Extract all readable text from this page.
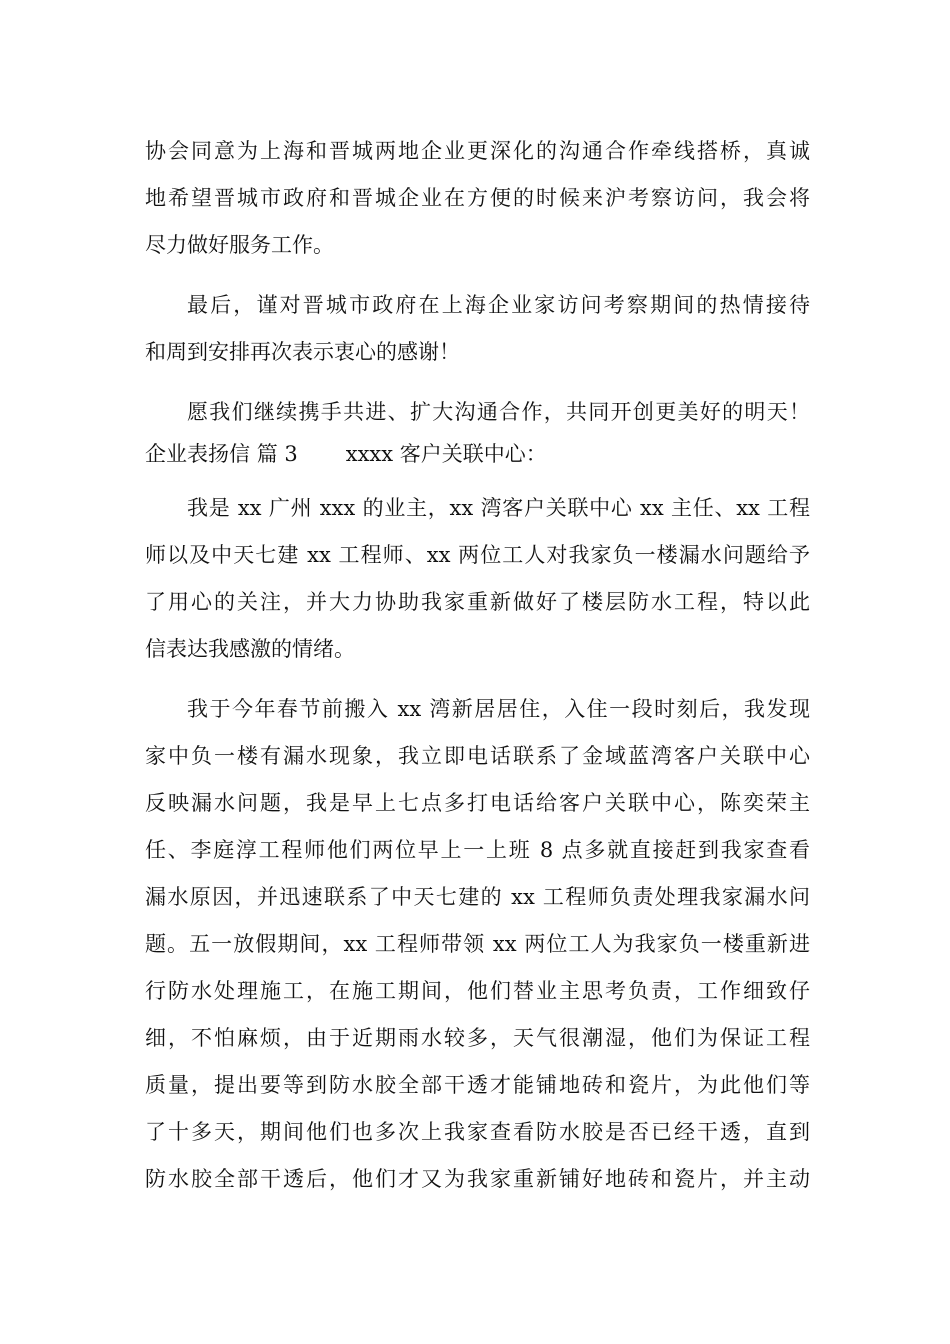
协会同意为上海和晋城两地企业更深化的沟通合作牵线搭桥，真诚
地希望晋城市政府和晋城企业在方便的时候来沪考察访问，我会将
尽力做好服务工作。
最后，谨对晋城市政府在上海企业家访问考察期间的热情接待
和周到安排再次表示衷心的感谢！
愿我们继续携手共进、扩大沟通合作，共同开创更美好的明天！
企业表扬信 篇 3 xxxx 客户关联中心：
我是 xx 广州 xxx 的业主，xx 湾客户关联中心 xx 主任、xx 工程
师以及中天七建 xx 工程师、xx 两位工人对我家负一楼漏水问题给予
了用心的关注，并大力协助我家重新做好了楼层防水工程，特以此
信表达我感激的情绪。
我于今年春节前搬入 xx 湾新居居住，入住一段时刻后，我发现
家中负一楼有漏水现象，我立即电话联系了金域蓝湾客户关联中心
反映漏水问题，我是早上七点多打电话给客户关联中心，陈奕荣主
任、李庭淳工程师他们两位早上一上班 8 点多就直接赶到我家查看
漏水原因，并迅速联系了中天七建的 xx 工程师负责处理我家漏水问
题。五一放假期间，xx 工程师带领 xx 两位工人为我家负一楼重新进
行防水处理施工，在施工期间，他们替业主思考负责，工作细致仔
细，不怕麻烦，由于近期雨水较多，天气很潮湿，他们为保证工程
质量，提出要等到防水胶全部干透才能铺地砖和瓷片，为此他们等
了十多天，期间他们也多次上我家查看防水胶是否已经干透，直到
防水胶全部干透后，他们才又为我家重新铺好地砖和瓷片，并主动
